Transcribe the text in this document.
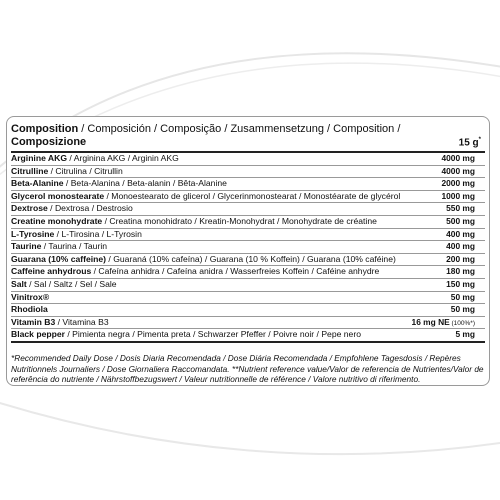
Composition / Composición / Composição / Zusammensetzung / Composition /
Composizione	15 g*
Arginine AKG / Arginina AKG / Arginin AKG	4000 mg
Citrulline / Citrulina / Citrullin	4000 mg
Beta-Alanine / Beta-Alanina / Beta-alanin / Bêta-Alanine	2000 mg
Glycerol monostearate / Monoestearato de glicerol / Glycerinmonostearat / Monostéarate de glycérol	1000 mg
Dextrose / Dextrosa / Destrosio	550 mg
Creatine monohydrate / Creatina monohidrato / Kreatin-Monohydrat / Monohydrate de créatine	500 mg
L-Tyrosine / L-Tirosina / L-Tyrosin	400 mg
Taurine / Taurina / Taurin	400 mg
Guarana (10% caffeine) / Guaraná (10% cafeína) / Guarana (10 % Koffein) / Guarana (10% caféine)	200 mg
Caffeine anhydrous / Cafeína anhidra / Cafeína anidra / Wasserfreies Koffein / Caféine anhydre	180 mg
Salt / Sal / Saltz / Sel / Sale	150 mg
Vinitrox®	50 mg
Rhodiola	50 mg
Vitamin B3 / Vitamina B3	16 mg NE (100%*)
Black pepper / Pimienta negra / Pimenta preta / Schwarzer Pfeffer / Poivre noir / Pepe nero	5 mg
*Recommended Daily Dose / Dosis Diaria Recomendada / Dose Diária Recomendada / Empfohlene Tagesdosis / Repères Nutritionnels Journaliers / Dose Giornaliera Raccomandata. **Nutrient reference value/Valor de referencia de Nutrientes/Valor de referência do nutriente / Nährstoffbezugswert / Valeur nutritionnelle de référence / Valore nutritivo di riferimento.
